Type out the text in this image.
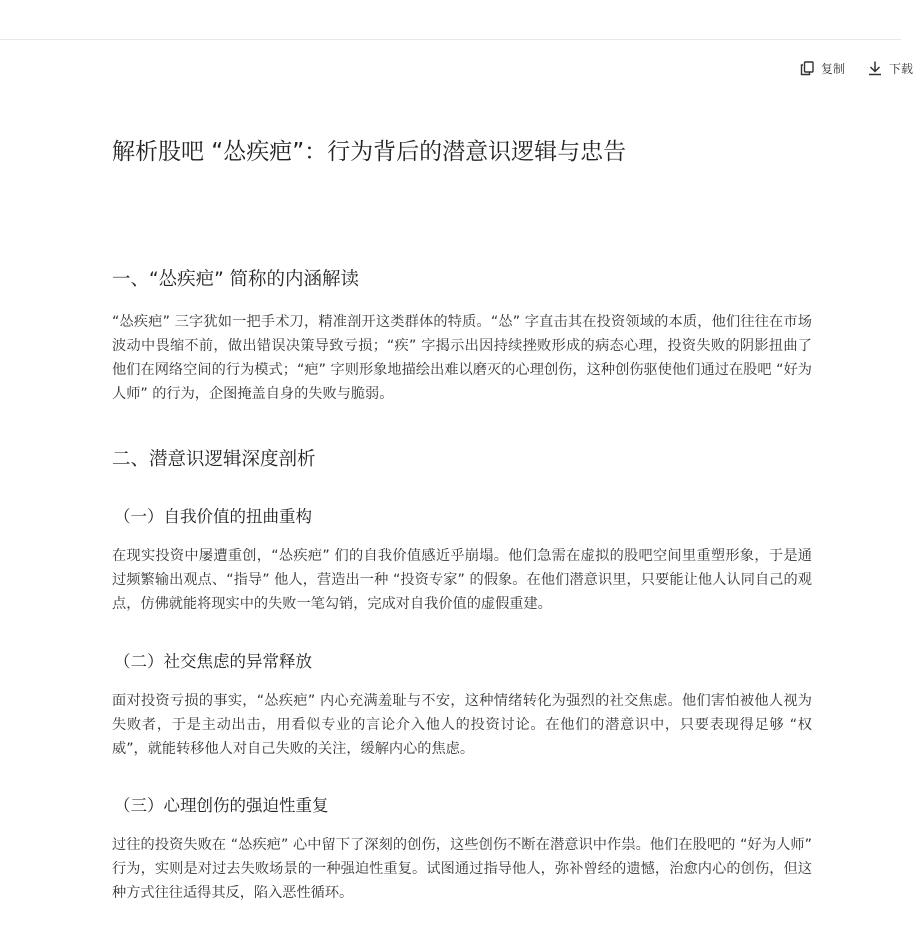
复制	下载
解析股吧 “怂疾疤”：行为背后的潜意识逻辑与忠告
一、“怂疾疤” 简称的内涵解读

“怂疾疤” 三字犹如一把手术刀，精准剖开这类群体的特质。“怂” 字直击其在投资领域的本质，他们往往在市场波动中畏缩不前，做出错误决策导致亏损；“疾” 字揭示出因持续挫败形成的病态心理，投资失败的阴影扭曲了他们在网络空间的行为模式；“疤” 字则形象地描绘出难以磨灭的心理创伤，这种创伤驱使他们通过在股吧 “好为人师” 的行为，企图掩盖自身的失败与脆弱。

二、潜意识逻辑深度剖析
（一）自我价值的扭曲重构

在现实投资中屡遭重创，“怂疾疤” 们的自我价值感近乎崩塌。他们急需在虚拟的股吧空间里重塑形象，于是通过频繁输出观点、“指导” 他人，营造出一种 “投资专家” 的假象。在他们潜意识里，只要能让他人认同自己的观点，仿佛就能将现实中的失败一笔勾销，完成对自我价值的虚假重建。

（二）社交焦虑的异常释放

面对投资亏损的事实，“怂疾疤” 内心充满羞耻与不安，这种情绪转化为强烈的社交焦虑。他们害怕被他人视为失败者，于是主动出击，用看似专业的言论介入他人的投资讨论。在他们的潜意识中，只要表现得足够 “权威”，就能转移他人对自己失败的关注，缓解内心的焦虑。

（三）心理创伤的强迫性重复

过往的投资失败在 “怂疾疤” 心中留下了深刻的创伤，这些创伤不断在潜意识中作祟。他们在股吧的 “好为人师” 行为，实则是对过去失败场景的一种强迫性重复。试图通过指导他人，弥补曾经的遗憾，治愈内心的创伤，但这种方式往往适得其反，陷入恶性循环。
